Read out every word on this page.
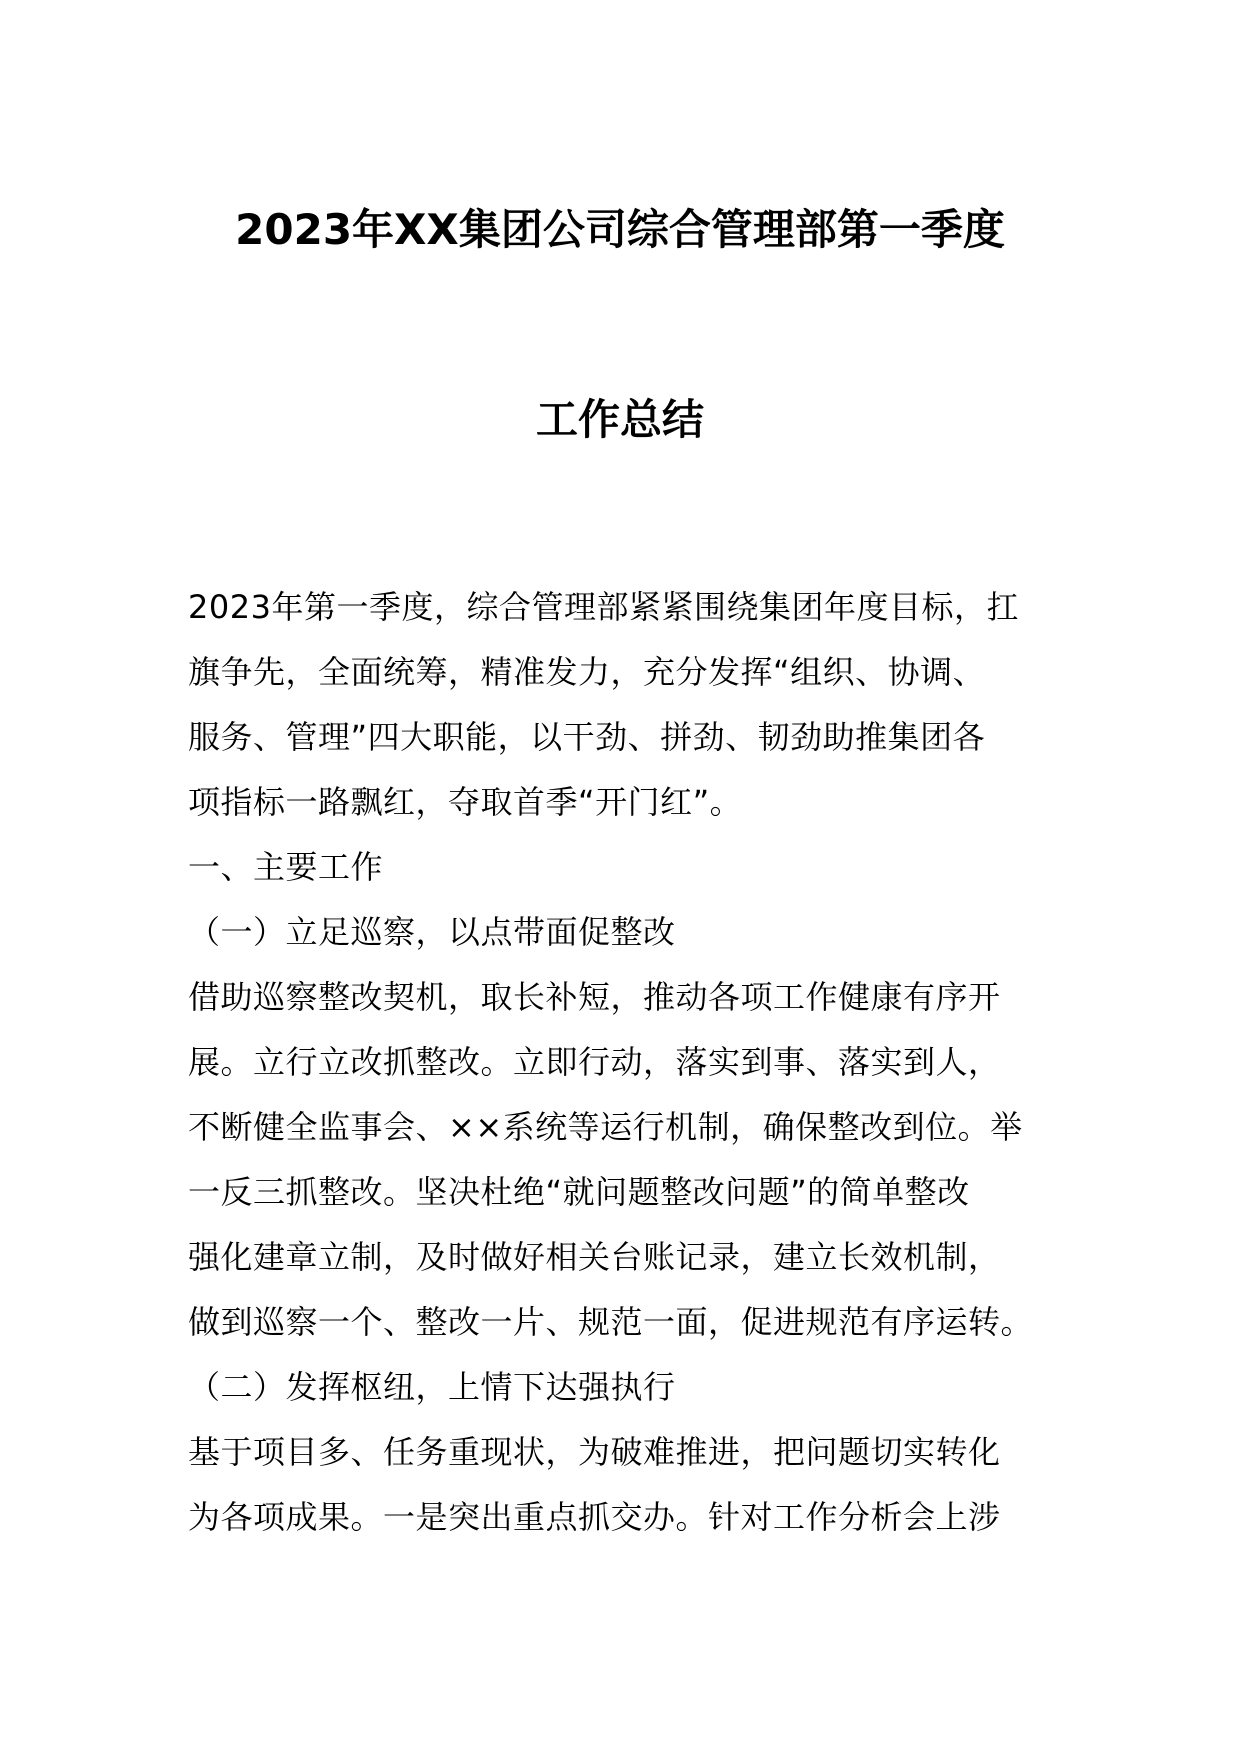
2023年XX集团公司综合管理部第一季度
工作总结
2023年第一季度，综合管理部紧紧围绕集团年度目标，扛
旗争先，全面统筹，精准发力，充分发挥“组织、协调、
服务、管理”四大职能，以干劲、拼劲、韧劲助推集团各
项指标一路飘红，夺取首季“开门红”。
一、主要工作
（一）立足巡察，以点带面促整改
借助巡察整改契机，取长补短，推动各项工作健康有序开
展。立行立改抓整改。立即行动，落实到事、落实到人，
不断健全监事会、××系统等运行机制，确保整改到位。举
一反三抓整改。坚决杜绝“就问题整改问题”的简单整改
强化建章立制，及时做好相关台账记录，建立长效机制，
做到巡察一个、整改一片、规范一面，促进规范有序运转。
（二）发挥枢纽，上情下达强执行
基于项目多、任务重现状，为破难推进，把问题切实转化
为各项成果。一是突出重点抓交办。针对工作分析会上涉
